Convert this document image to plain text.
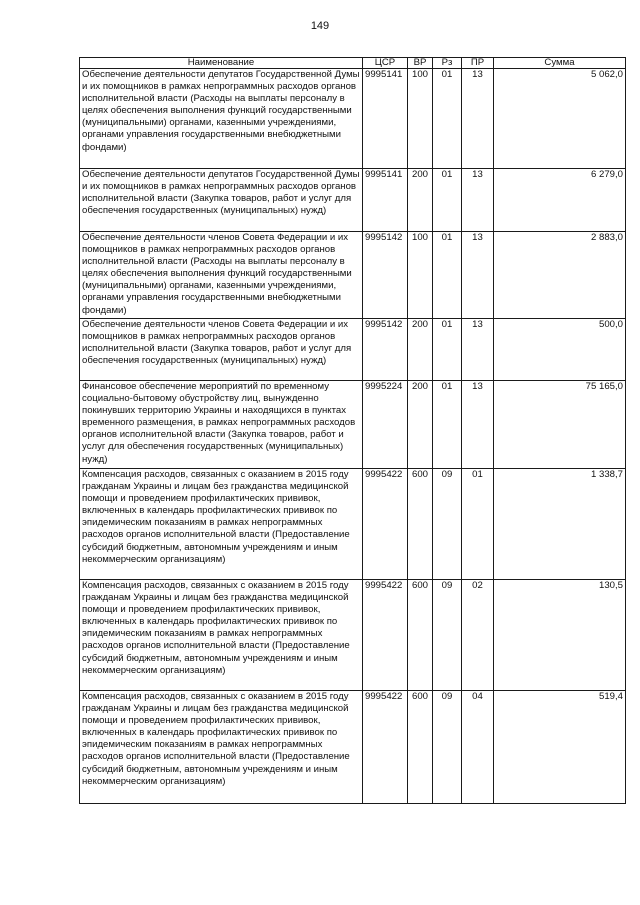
149
Наименование	ЦСР	ВР	Рз	ПР	Сумма
Обеспечение деятельности депутатов Государственной Думы и их помощников в рамках непрограммных расходов органов исполнительной власти (Расходы на выплаты персоналу в целях обеспечения выполнения функций государственными (муниципальными) органами, казенными учреждениями, органами управления государственными внебюджетными фондами)	9995141	100	01	13	5 062,0
Обеспечение деятельности депутатов Государственной Думы и их помощников в рамках непрограммных расходов органов исполнительной власти (Закупка товаров, работ и услуг для обеспечения государственных (муниципальных) нужд)	9995141	200	01	13	6 279,0
Обеспечение деятельности членов Совета Федерации и их помощников в рамках непрограммных расходов органов исполнительной власти (Расходы на выплаты персоналу в целях обеспечения выполнения функций государственными (муниципальными) органами, казенными учреждениями, органами управления государственными внебюджетными фондами)	9995142	100	01	13	2 883,0
Обеспечение деятельности членов Совета Федерации и их помощников в рамках непрограммных расходов органов исполнительной власти (Закупка товаров, работ и услуг для обеспечения государственных (муниципальных) нужд)	9995142	200	01	13	500,0
Финансовое обеспечение мероприятий по временному социально-бытовому обустройству лиц, вынужденно покинувших территорию Украины и находящихся в пунктах временного размещения, в рамках непрограммных расходов органов исполнительной власти (Закупка товаров, работ и услуг для обеспечения государственных (муниципальных) нужд)	9995224	200	01	13	75 165,0
Компенсация расходов, связанных с оказанием в 2015 году гражданам Украины и лицам без гражданства медицинской помощи и проведением профилактических прививок, включенных в календарь профилактических прививок по эпидемическим показаниям в рамках непрограммных расходов органов исполнительной власти (Предоставление субсидий бюджетным, автономным учреждениям и иным некоммерческим организациям)	9995422	600	09	01	1 338,7
Компенсация расходов, связанных с оказанием в 2015 году гражданам Украины и лицам без гражданства медицинской помощи и проведением профилактических прививок, включенных в календарь профилактических прививок по эпидемическим показаниям в рамках непрограммных расходов органов исполнительной власти (Предоставление субсидий бюджетным, автономным учреждениям и иным некоммерческим организациям)	9995422	600	09	02	130,5
Компенсация расходов, связанных с оказанием в 2015 году гражданам Украины и лицам без гражданства медицинской помощи и проведением профилактических прививок, включенных в календарь профилактических прививок по эпидемическим показаниям в рамках непрограммных расходов органов исполнительной власти (Предоставление субсидий бюджетным, автономным учреждениям и иным некоммерческим организациям)	9995422	600	09	04	519,4
